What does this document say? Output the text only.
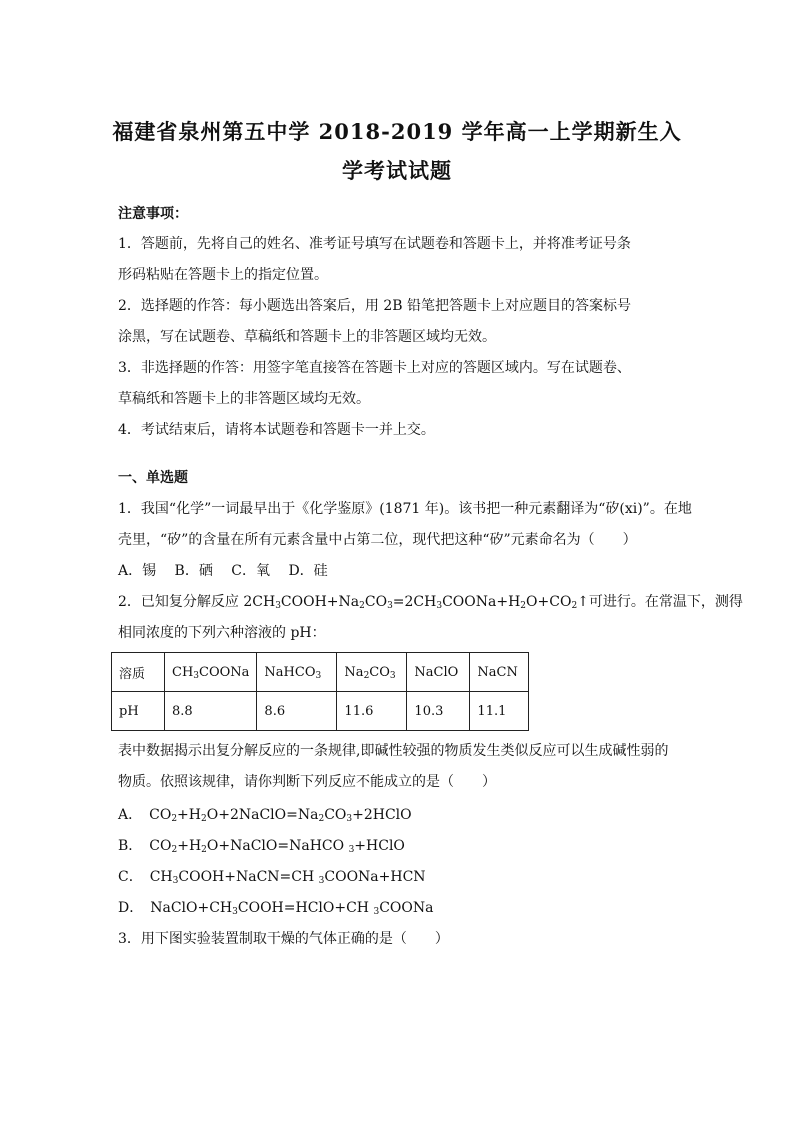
福建省泉州第五中学 2018-2019 学年高一上学期新生入
学考试试题
注意事项：
1．答题前，先将自己的姓名、准考证号填写在试题卷和答题卡上，并将准考证号条
形码粘贴在答题卡上的指定位置。
2．选择题的作答：每小题选出答案后，用 2B 铅笔把答题卡上对应题目的答案标号
涂黑，写在试题卷、草稿纸和答题卡上的非答题区域均无效。
3．非选择题的作答：用签字笔直接答在答题卡上对应的答题区域内。写在试题卷、
草稿纸和答题卡上的非答题区域均无效。
4．考试结束后，请将本试题卷和答题卡一并上交。
一、单选题
1．我国“化学”一词最早出于《化学鉴原》(1871 年)。该书把一种元素翻译为“矽(xi)”。在地
壳里，“矽”的含量在所有元素含量中占第二位，现代把这种“矽”元素命名为（　　）
A．锡　 B．硒　 C．氧　 D．硅
2．已知复分解反应 $2CH_3COOH+Na_2CO_3=2CH_3COONa+H_2O+CO_2↑$可进行。在常温下，测得
相同浓度的下列六种溶液的 pH：
溶质	$CH_3COONa$	NaHCO$_3$	$Na_2CO_3$	NaClO	NaCN
pH	8.8	8.6	11.6	10.3	11.1
表中数据揭示出复分解反应的一条规律,即碱性较强的物质发生类似反应可以生成碱性弱的
物质。依照该规律，请你判断下列反应不能成立的是（　　）
A．　$CO_2+H_2O+2NaClO=Na_2CO_3+2HClO$
B．　$CO_2+H_2O+NaClO=NaHCO$ $_3$+HClO
C．　$CH_3COOH+NaCN=CH$ $_3$COONa+HCN
D．　$NaClO+CH_3COOH=HClO+CH$ $_3$COONa
3．用下图实验装置制取干燥的气体正确的是（　　）
